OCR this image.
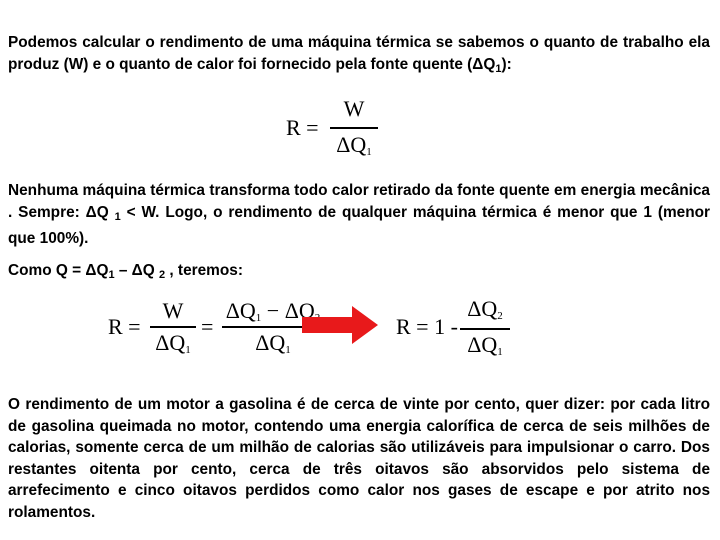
Podemos calcular o rendimento de uma máquina térmica se sabemos o quanto de trabalho ela produz (W) e o quanto de calor foi fornecido pela fonte quente $(\Delta Q_1)$:

R =
W
$\Delta Q_1$

Nenhuma máquina térmica transforma todo calor retirado da fonte quente em energia mecânica . Sempre: ΔQ $_1$ < W. Logo, o rendimento de qualquer máquina térmica é menor que 1 (menor que 100%).

Como $Q = \Delta Q_1 - \Delta Q$ $_2$ , teremos:

R =
W
$\Delta Q_1$
=
$\Delta Q_1 - \Delta Q$
$\Delta Q_1$
R = 1 -
$\Delta Q_2$
$\Delta Q_1$

O rendimento de um motor a gasolina é de cerca de vinte por cento, quer dizer: por cada litro de gasolina queimada no motor, contendo uma energia calorífica de cerca de seis milhões de calorias, somente cerca de um milhão de calorias são utilizáveis para impulsionar o carro. Dos restantes oitenta por cento, cerca de três oitavos são absorvidos pelo sistema de arrefecimento e cinco oitavos perdidos como calor nos gases de escape e por atrito nos rolamentos.
